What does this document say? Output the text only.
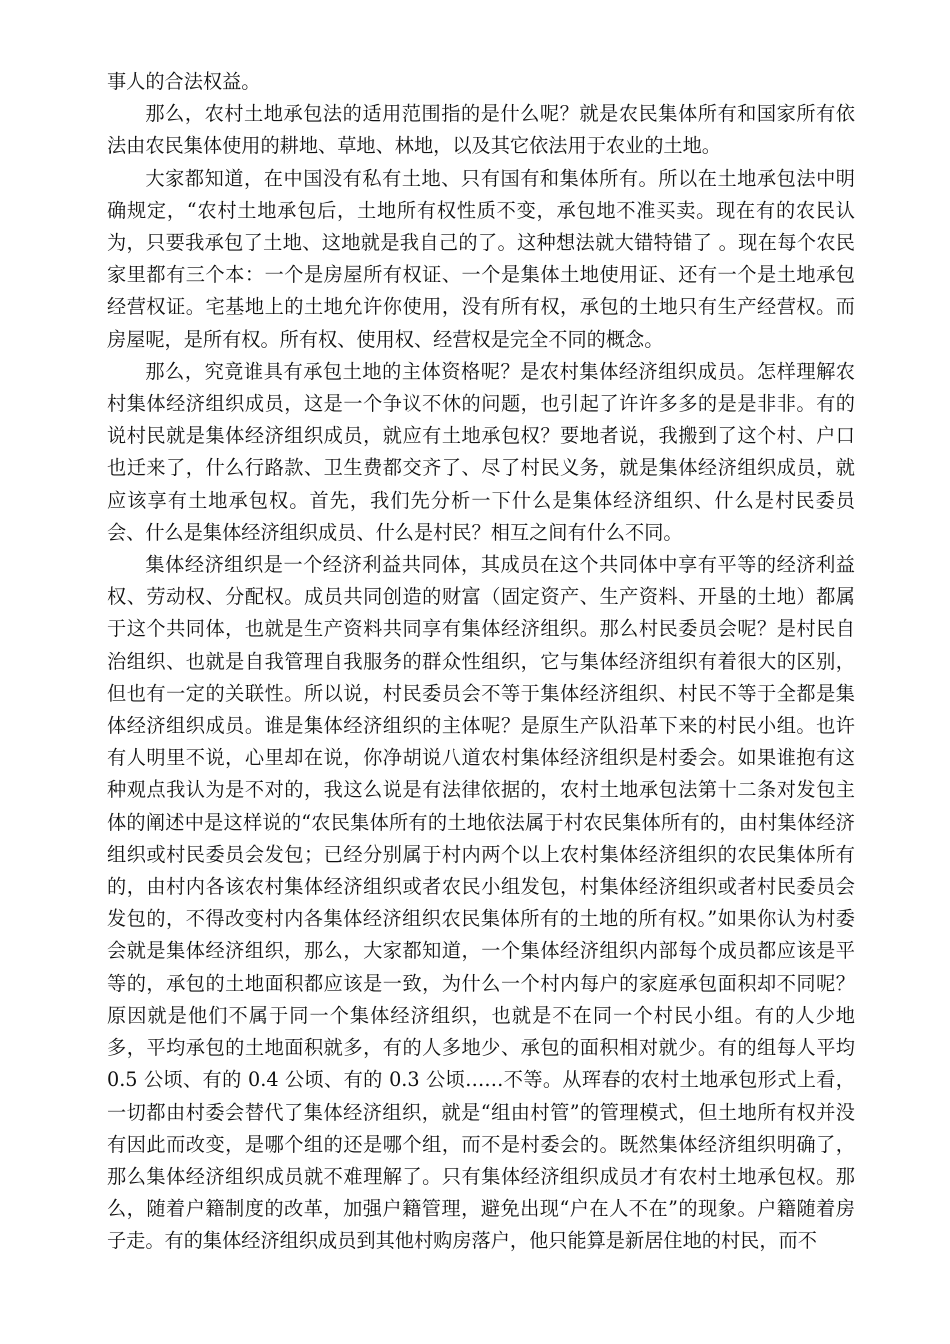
事人的合法权益。

那么，农村土地承包法的适用范围指的是什么呢？就是农民集体所有和国家所有依法由农民集体使用的耕地、草地、林地，以及其它依法用于农业的土地。

大家都知道，在中国没有私有土地、只有国有和集体所有。所以在土地承包法中明确规定，“农村土地承包后，土地所有权性质不变，承包地不准买卖。现在有的农民认为，只要我承包了土地、这地就是我自己的了。这种想法就大错特错了 。现在每个农民家里都有三个本：一个是房屋所有权证、一个是集体土地使用证、还有一个是土地承包经营权证。宅基地上的土地允许你使用，没有所有权，承包的土地只有生产经营权。而房屋呢，是所有权。所有权、使用权、经营权是完全不同的概念。

那么，究竟谁具有承包土地的主体资格呢？是农村集体经济组织成员。怎样理解农村集体经济组织成员，这是一个争议不休的问题，也引起了许许多多的是是非非。有的说村民就是集体经济组织成员，就应有土地承包权？要地者说，我搬到了这个村、户口也迁来了，什么行路款、卫生费都交齐了、尽了村民义务，就是集体经济组织成员，就应该享有土地承包权。首先，我们先分析一下什么是集体经济组织、什么是村民委员会、什么是集体经济组织成员、什么是村民？相互之间有什么不同。

集体经济组织是一个经济利益共同体，其成员在这个共同体中享有平等的经济利益权、劳动权、分配权。成员共同创造的财富（固定资产、生产资料、开垦的土地）都属于这个共同体，也就是生产资料共同享有集体经济组织。那么村民委员会呢？是村民自治组织、也就是自我管理自我服务的群众性组织，它与集体经济组织有着很大的区别，但也有一定的关联性。所以说，村民委员会不等于集体经济组织、村民不等于全都是集体经济组织成员。谁是集体经济组织的主体呢？是原生产队沿革下来的村民小组。也许有人明里不说，心里却在说，你净胡说八道农村集体经济组织是村委会。如果谁抱有这种观点我认为是不对的，我这么说是有法律依据的，农村土地承包法第十二条对发包主体的阐述中是这样说的“农民集体所有的土地依法属于村农民集体所有的，由村集体经济组织或村民委员会发包；已经分别属于村内两个以上农村集体经济组织的农民集体所有的，由村内各该农村集体经济组织或者农民小组发包，村集体经济组织或者村民委员会发包的，不得改变村内各集体经济组织农民集体所有的土地的所有权。”如果你认为村委会就是集体经济组织，那么，大家都知道，一个集体经济组织内部每个成员都应该是平等的，承包的土地面积都应该是一致，为什么一个村内每户的家庭承包面积却不同呢？原因就是他们不属于同一个集体经济组织，也就是不在同一个村民小组。有的人少地多，平均承包的土地面积就多，有的人多地少、承包的面积相对就少。有的组每人平均 0.5 公顷、有的 0.4 公顷、有的 0.3 公顷……不等。从珲春的农村土地承包形式上看，一切都由村委会替代了集体经济组织，就是“组由村管”的管理模式，但土地所有权并没有因此而改变，是哪个组的还是哪个组，而不是村委会的。既然集体经济组织明确了，那么集体经济组织成员就不难理解了。只有集体经济组织成员才有农村土地承包权。那么，随着户籍制度的改革，加强户籍管理，避免出现“户在人不在”的现象。户籍随着房子走。有的集体经济组织成员到其他村购房落户，他只能算是新居住地的村民，而不
